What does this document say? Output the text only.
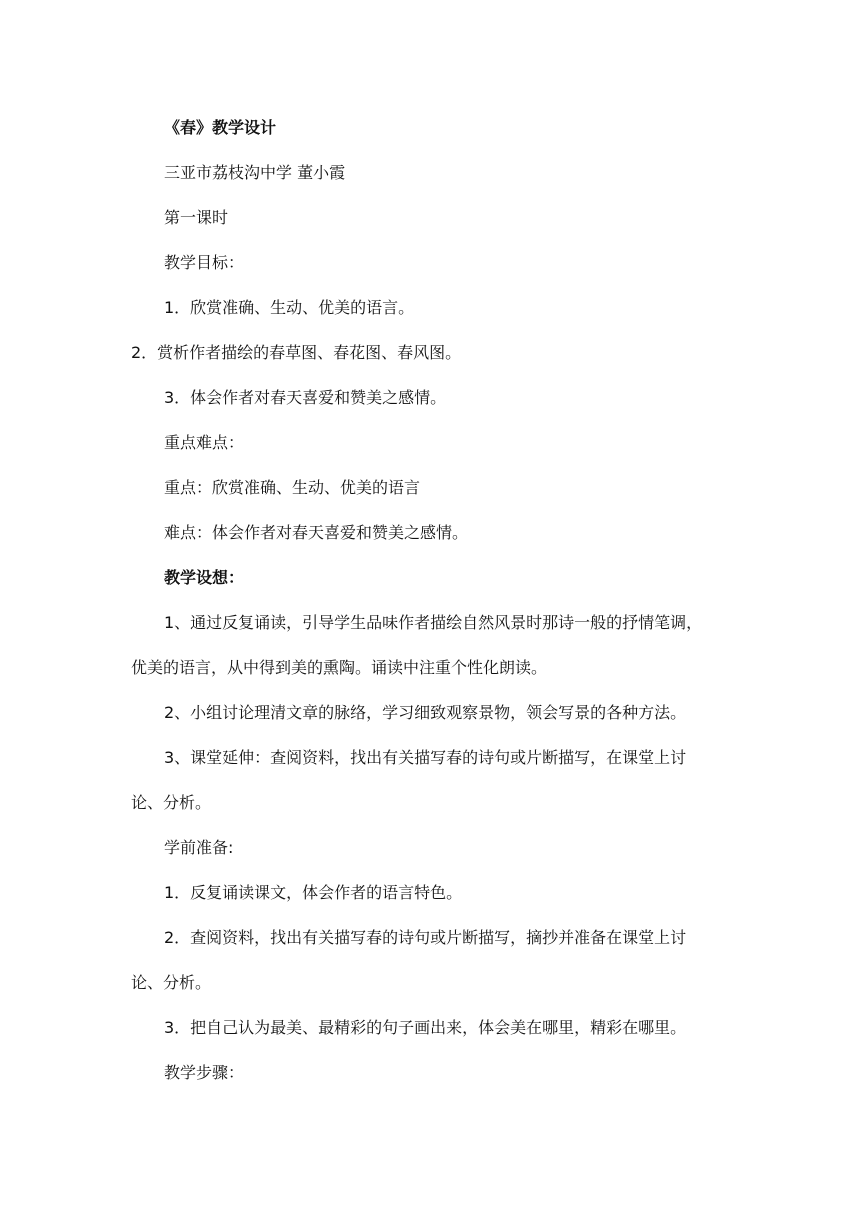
《春》教学设计
三亚市荔枝沟中学 董小霞
第一课时
教学目标：
1．欣赏准确、生动、优美的语言。
2．赏析作者描绘的春草图、春花图、春风图。
3．体会作者对春天喜爱和赞美之感情。
重点难点：
重点：欣赏准确、生动、优美的语言
难点：体会作者对春天喜爱和赞美之感情。
教学设想：
1、通过反复诵读，引导学生品味作者描绘自然风景时那诗一般的抒情笔调，
优美的语言，从中得到美的熏陶。诵读中注重个性化朗读。
2、小组讨论理清文章的脉络，学习细致观察景物，领会写景的各种方法。
3、课堂延伸：查阅资料，找出有关描写春的诗句或片断描写，在课堂上讨
论、分析。
学前准备:
1．反复诵读课文，体会作者的语言特色。
2．查阅资料，找出有关描写春的诗句或片断描写，摘抄并准备在课堂上讨
论、分析。
3．把自己认为最美、最精彩的句子画出来，体会美在哪里，精彩在哪里。
教学步骤：
